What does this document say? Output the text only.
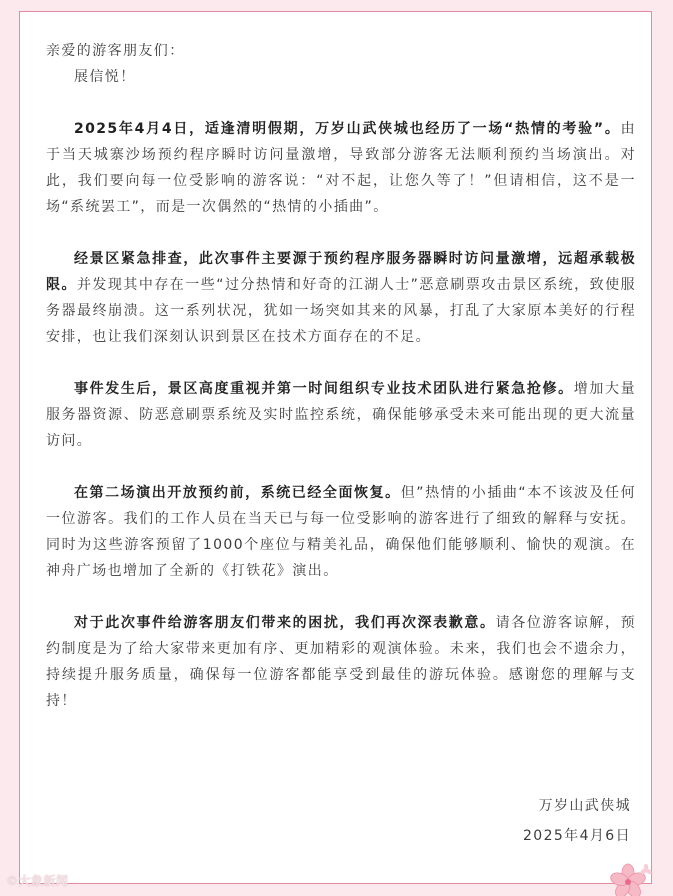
亲爱的游客朋友们：

展信悦！

2025年4月4日，适逢清明假期，万岁山武侠城也经历了一场“热情的考验”。由于当天城寨沙场预约程序瞬时访问量激增，导致部分游客无法顺利预约当场演出。对此，我们要向每一位受影响的游客说：“对不起，让您久等了！”但请相信，这不是一场“系统罢工”，而是一次偶然的“热情的小插曲”。

经景区紧急排查，此次事件主要源于预约程序服务器瞬时访问量激增，远超承载极限。并发现其中存在一些“过分热情和好奇的江湖人士”恶意刷票攻击景区系统，致使服务器最终崩溃。这一系列状况，犹如一场突如其来的风暴，打乱了大家原本美好的行程安排，也让我们深刻认识到景区在技术方面存在的不足。

事件发生后，景区高度重视并第一时间组织专业技术团队进行紧急抢修。增加大量服务器资源、防恶意刷票系统及实时监控系统，确保能够承受未来可能出现的更大流量访问。

在第二场演出开放预约前，系统已经全面恢复。但”热情的小插曲“本不该波及任何一位游客。我们的工作人员在当天已与每一位受影响的游客进行了细致的解释与安抚。同时为这些游客预留了1000个座位与精美礼品，确保他们能够顺利、愉快的观演。在神舟广场也增加了全新的《打铁花》演出。

对于此次事件给游客朋友们带来的困扰，我们再次深表歉意。请各位游客谅解，预约制度是为了给大家带来更加有序、更加精彩的观演体验。未来，我们也会不遗余力，持续提升服务质量，确保每一位游客都能享受到最佳的游玩体验。感谢您的理解与支持！

万岁山武侠城
2025年4月6日
©大象新闻
